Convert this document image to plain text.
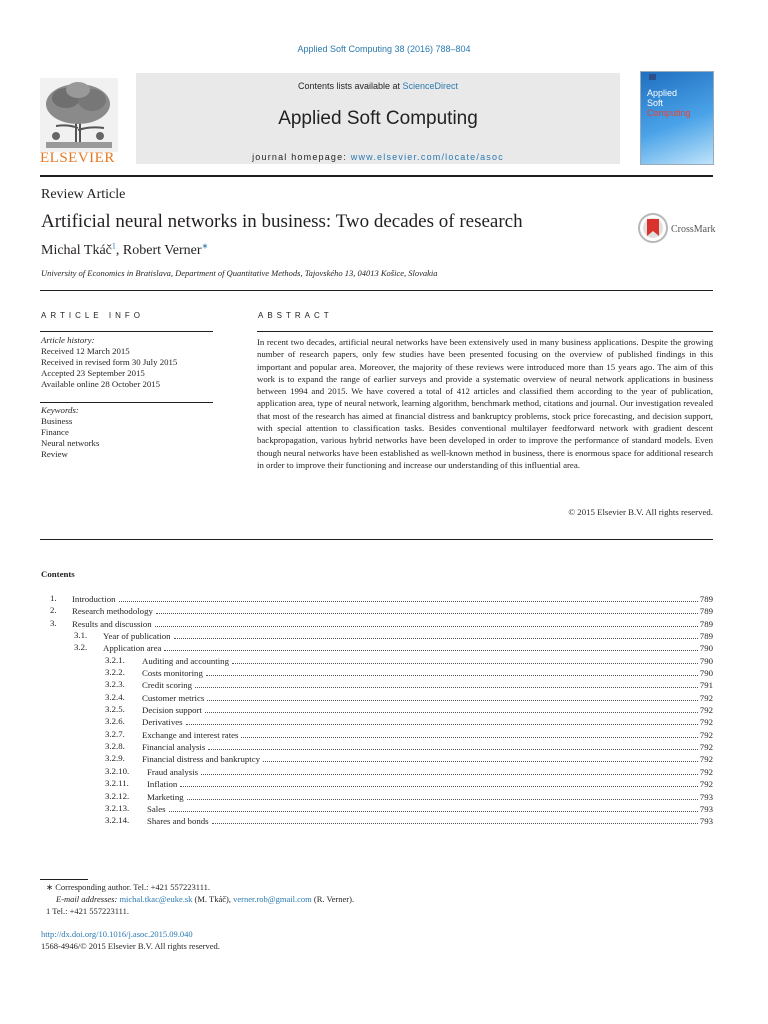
Applied Soft Computing 38 (2016) 788–804
ELSEVIER
Contents lists available at ScienceDirect
Applied Soft Computing
journal homepage: www.elsevier.com/locate/asoc
Applied
Soft
Computing
Review Article
Artificial neural networks in business: Two decades of research
Michal Tkáč$^1$, Robert Verner∗
University of Economics in Bratislava, Department of Quantitative Methods, Tajovského 13, 04013 Košice, Slovakia
CrossMark
ARTICLE INFO
Article history:
Received 12 March 2015
Received in revised form 30 July 2015
Accepted 23 September 2015
Available online 28 October 2015
Keywords:
Business
Finance
Neural networks
Review
ABSTRACT
In recent two decades, artificial neural networks have been extensively used in many business applications. Despite the growing number of research papers, only few studies have been presented focusing on the overview of published findings in this important and popular area. Moreover, the majority of these reviews were introduced more than 15 years ago. The aim of this work is to expand the range of earlier surveys and provide a systematic overview of neural network applications in business between 1994 and 2015. We have covered a total of 412 articles and classified them according to the year of publication, application area, type of neural network, learning algorithm, benchmark method, citations and journal. Our investigation revealed that most of the research has aimed at financial distress and bankruptcy problems, stock price forecasting, and decision support, with special attention to classification tasks. Besides conventional multilayer feedforward network with gradient descent backpropagation, various hybrid networks have been developed in order to improve the performance of standard models. Even though neural networks have been established as well-known method in business, there is enormous space for additional research in order to improve their functioning and increase our understanding of this influential area.
© 2015 Elsevier B.V. All rights reserved.
Contents
1. Introduction	789
2. Research methodology	789
3. Results and discussion	789
3.1. Year of publication	789
3.2. Application area	790
3.2.1. Auditing and accounting	790
3.2.2. Costs monitoring	790
3.2.3. Credit scoring	791
3.2.4. Customer metrics	792
3.2.5. Decision support	792
3.2.6. Derivatives	792
3.2.7. Exchange and interest rates	792
3.2.8. Financial analysis	792
3.2.9. Financial distress and bankruptcy	792
3.2.10. Fraud analysis	792
3.2.11. Inflation	792
3.2.12. Marketing	793
3.2.13. Sales	793
3.2.14. Shares and bonds	793
∗ Corresponding author. Tel.: +421 557223111.
E-mail addresses: michal.tkac@euke.sk (M. Tkáč), verner.rob@gmail.com (R. Verner).
1 Tel.: +421 557223111.
http://dx.doi.org/10.1016/j.asoc.2015.09.040
1568-4946/© 2015 Elsevier B.V. All rights reserved.
